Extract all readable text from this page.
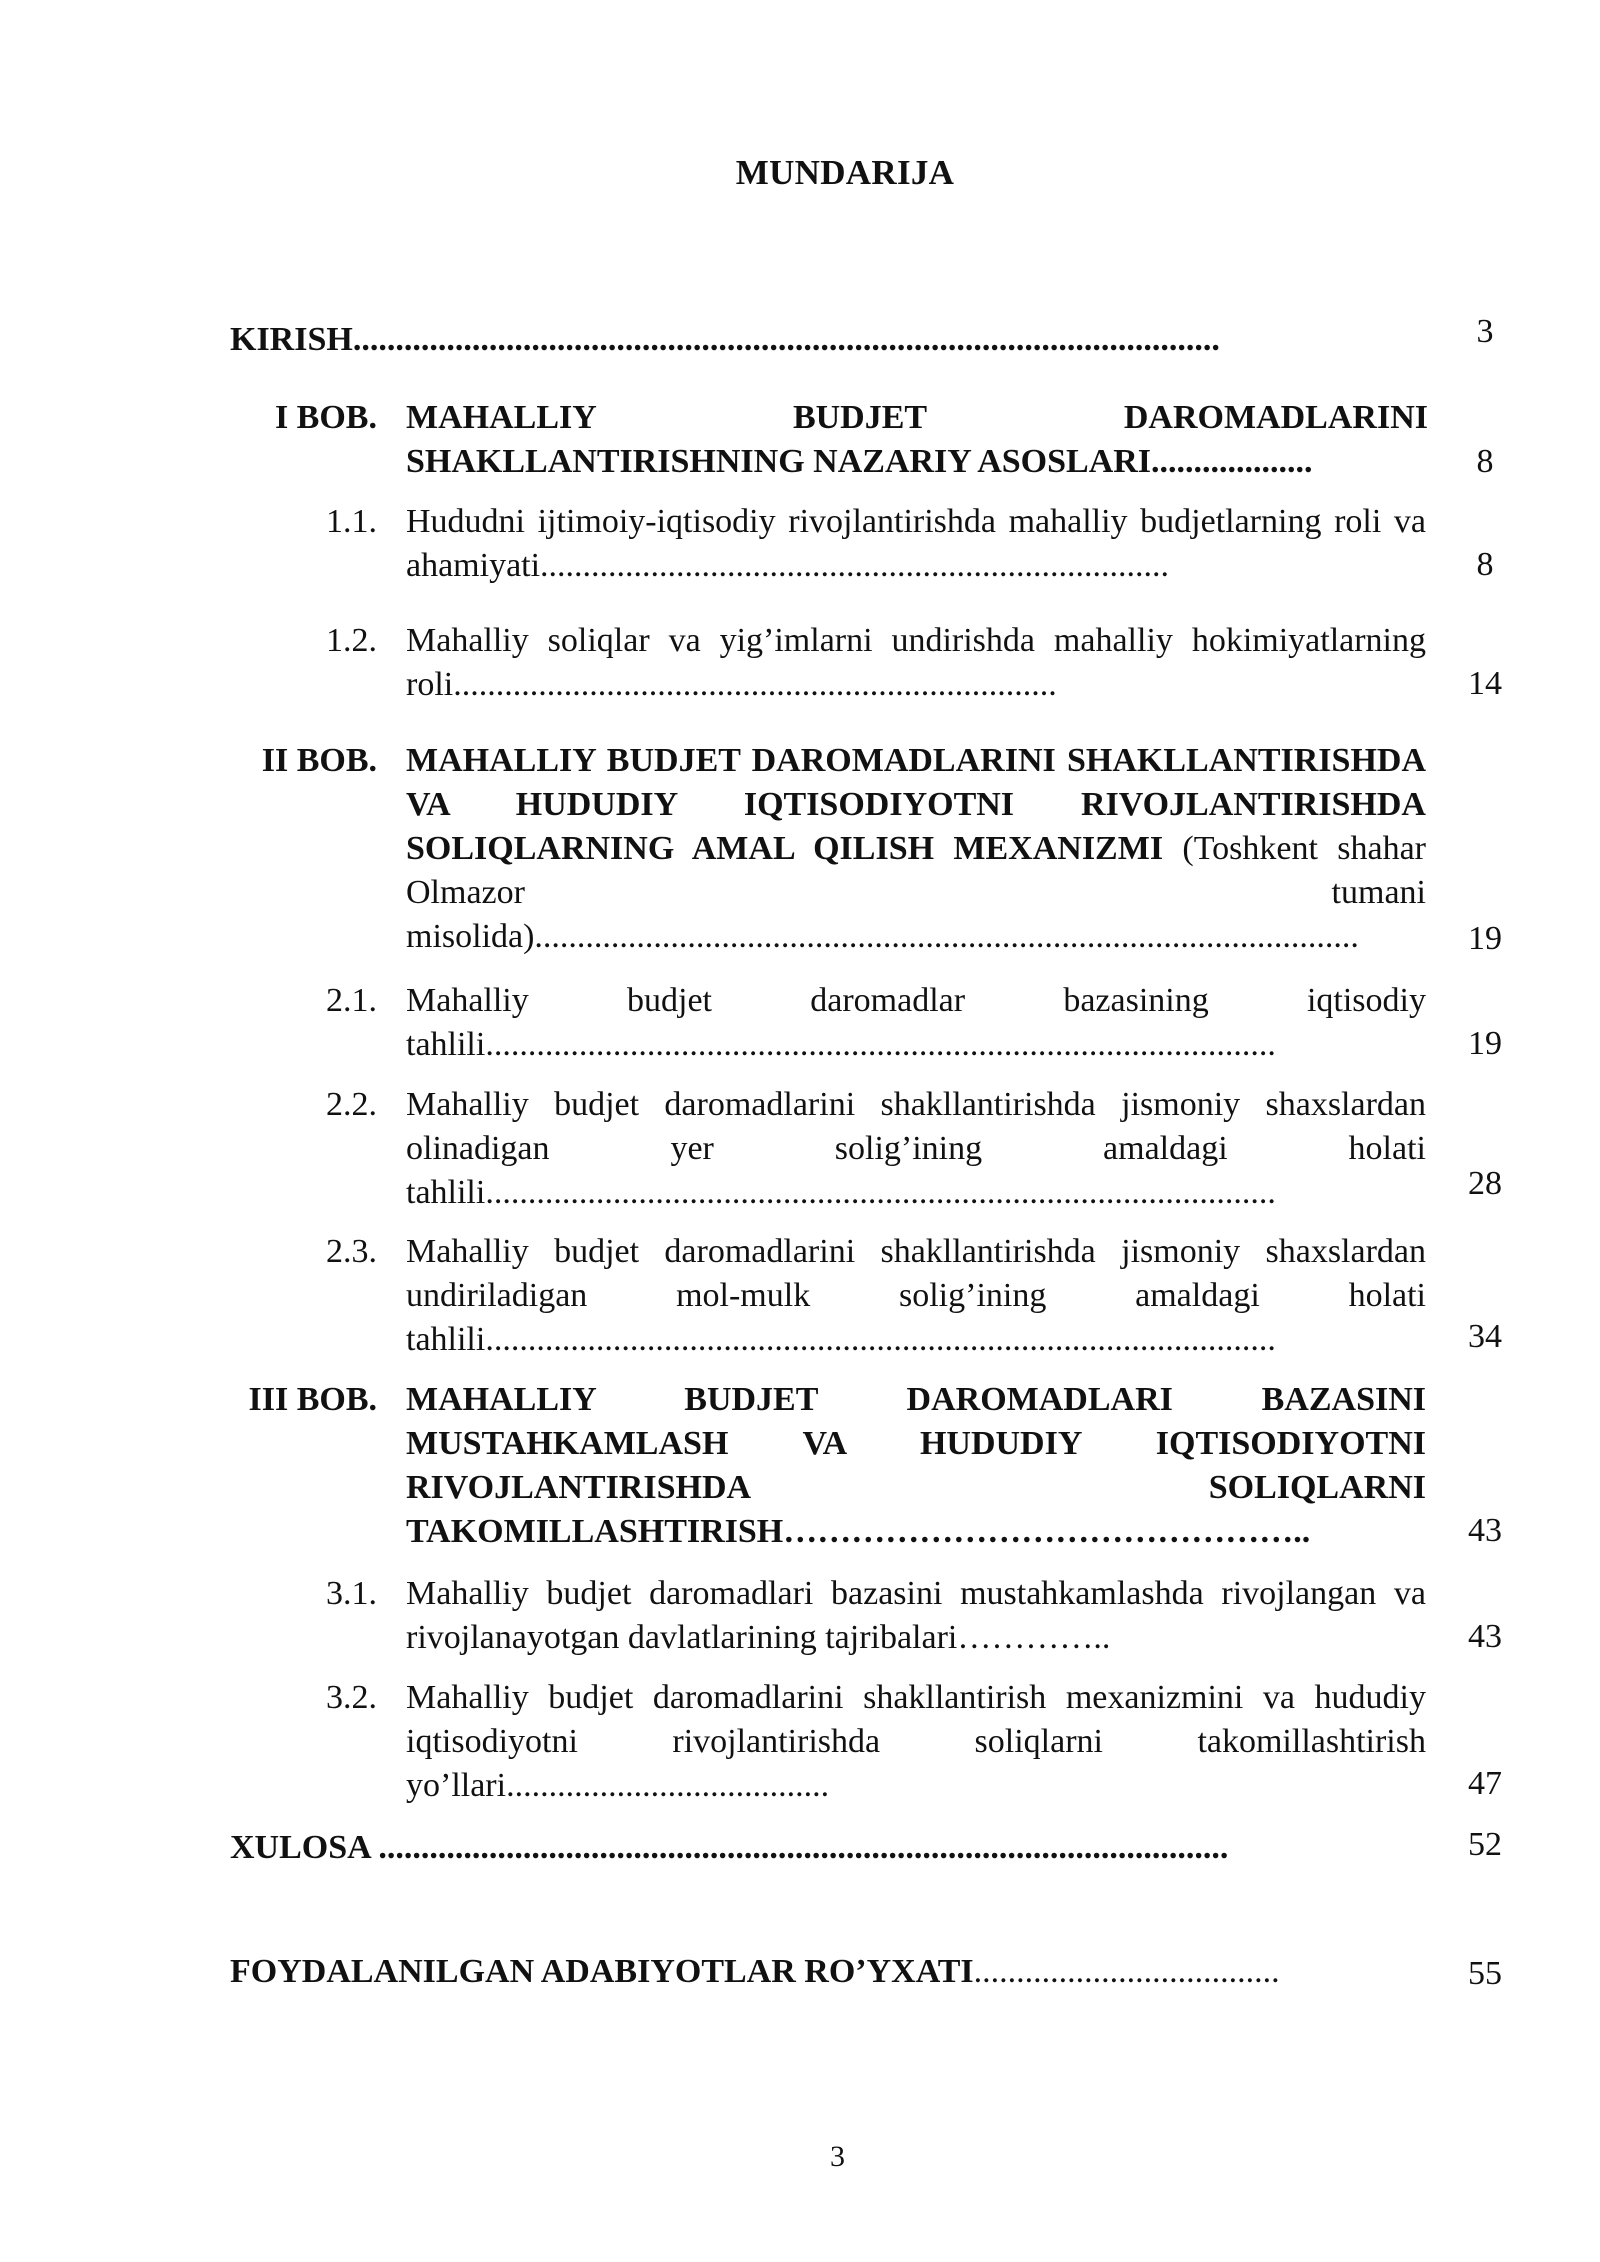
MUNDARIJA
KIRISH......................................................................................................	3
I BOB. MAHALLIY BUDJET DAROMADLARINI SHAKLLANTIRISHNING NAZARIY ASOSLARI...................	8
1.1. Hududni ijtimoiy-iqtisodiy rivojlantirishda mahalliy budjetlarning roli va ahamiyati..........................................................................	8
1.2. Mahalliy soliqlar va yig’imlarni undirishda mahalliy hokimiyatlarning roli.......................................................................	14
II BOB. MAHALLIY BUDJET DAROMADLARINI SHAKLLANTIRISHDA VA HUDUDIY IQTISODIYOTNI RIVOJLANTIRISHDA SOLIQLARNING AMAL QILISH MEXANIZMI (Toshkent shahar Olmazor tumani misolida).................................................................................................	19
2.1. Mahalliy budjet daromadlar bazasining iqtisodiy tahlili.............................................................................................	19
2.2. Mahalliy budjet daromadlarini shakllantirishda jismoniy shaxslardan olinadigan yer solig’ining amaldagi holati tahlili.............................................................................................	28
2.3. Mahalliy budjet daromadlarini shakllantirishda jismoniy shaxslardan undiriladigan mol-mulk solig’ining amaldagi holati tahlili.............................................................................................	34
III BOB. MAHALLIY BUDJET DAROMADLARI BAZASINI MUSTAHKAMLASH VA HUDUDIY IQTISODIYOTNI RIVOJLANTIRISHDA SOLIQLARNI TAKOMILLASHTIRISH………………………………………..	43
3.1. Mahalliy budjet daromadlari bazasini mustahkamlashda rivojlangan va rivojlanayotgan davlatlarining tajribalari…………..	43
3.2. Mahalliy budjet daromadlarini shakllantirish mexanizmini va hududiy iqtisodiyotni rivojlantirishda soliqlarni takomillashtirish yo’llari......................................	47
XULOSA ....................................................................................................	52
FOYDALANILGAN ADABIYOTLAR RO’YXATI....................................	55
3
